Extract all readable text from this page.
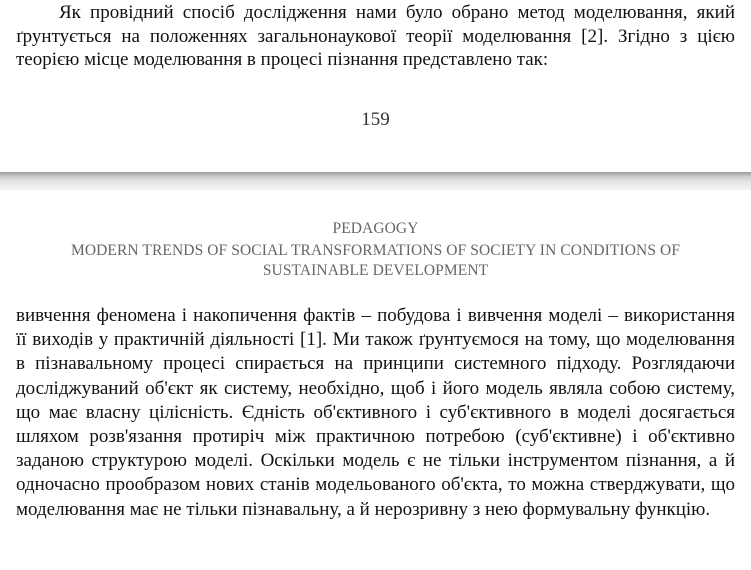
Як провідний спосіб дослідження нами було обрано метод моделювання, який ґрунтується на положеннях загальнонаукової теорії моделювання [2]. Згідно з цією теорією місце моделювання в процесі пізнання представлено так:
159
PEDAGOGY
MODERN TRENDS OF SOCIAL TRANSFORMATIONS OF SOCIETY IN CONDITIONS OF SUSTAINABLE DEVELOPMENT
вивчення феномена і накопичення фактів – побудова і вивчення моделі – використання її виходів у практичній діяльності [1]. Ми також ґрунтуємося на тому, що моделювання в пізнавальному процесі спирається на принципи системного підходу. Розглядаючи досліджуваний об'єкт як систему, необхідно, щоб і його модель являла собою систему, що має власну цілісність. Єдність об'єктивного і суб'єктивного в моделі досягається шляхом розв'язання протиріч між практичною потребою (суб'єктивне) і об'єктивно заданою структурою моделі. Оскільки модель є не тільки інструментом пізнання, а й одночасно прообразом нових станів модельованого об'єкта, то можна стверджувати, що моделювання має не тільки пізнавальну, а й нерозривну з нею формувальну функцію.
